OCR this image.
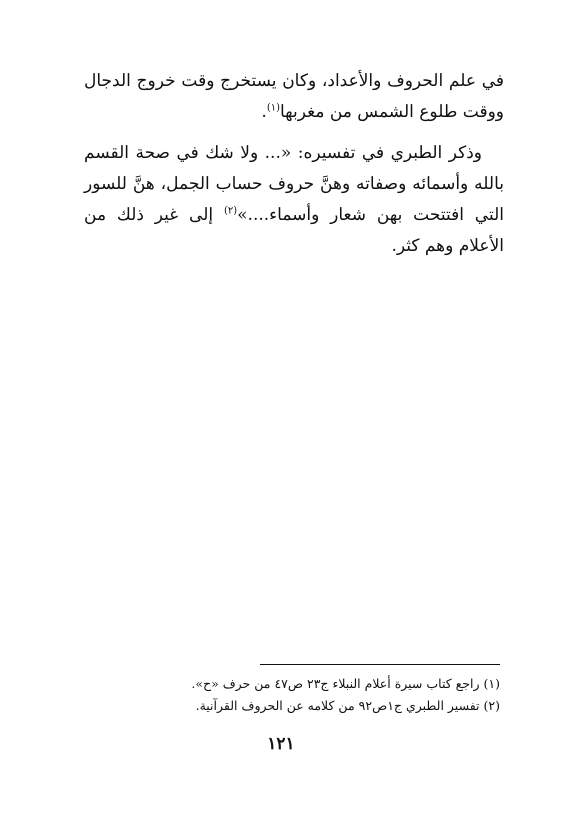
في علم الحروف والأعداد، وكان يستخرج وقت خروج الدجال ووقت طلوع الشمس من مغربها$^{(١)}$.

وذكر الطبري في تفسيره: «... ولا شك في صحة القسم بالله وأسمائه وصفاته وهنَّ حروف حساب الجمل، هنَّ للسور التي افتتحت بهن شعار وأسماء....»$^{(٢)}$ إلى غير ذلك من الأعلام وهم كثر.

(١) راجع كتاب سيرة أعلام النبلاء ج٢٣ ص٤٧ من حرف «ح».
(٢) تفسير الطبري ج١ص٩٢ من كلامه عن الحروف القرآنية.
١٢١
